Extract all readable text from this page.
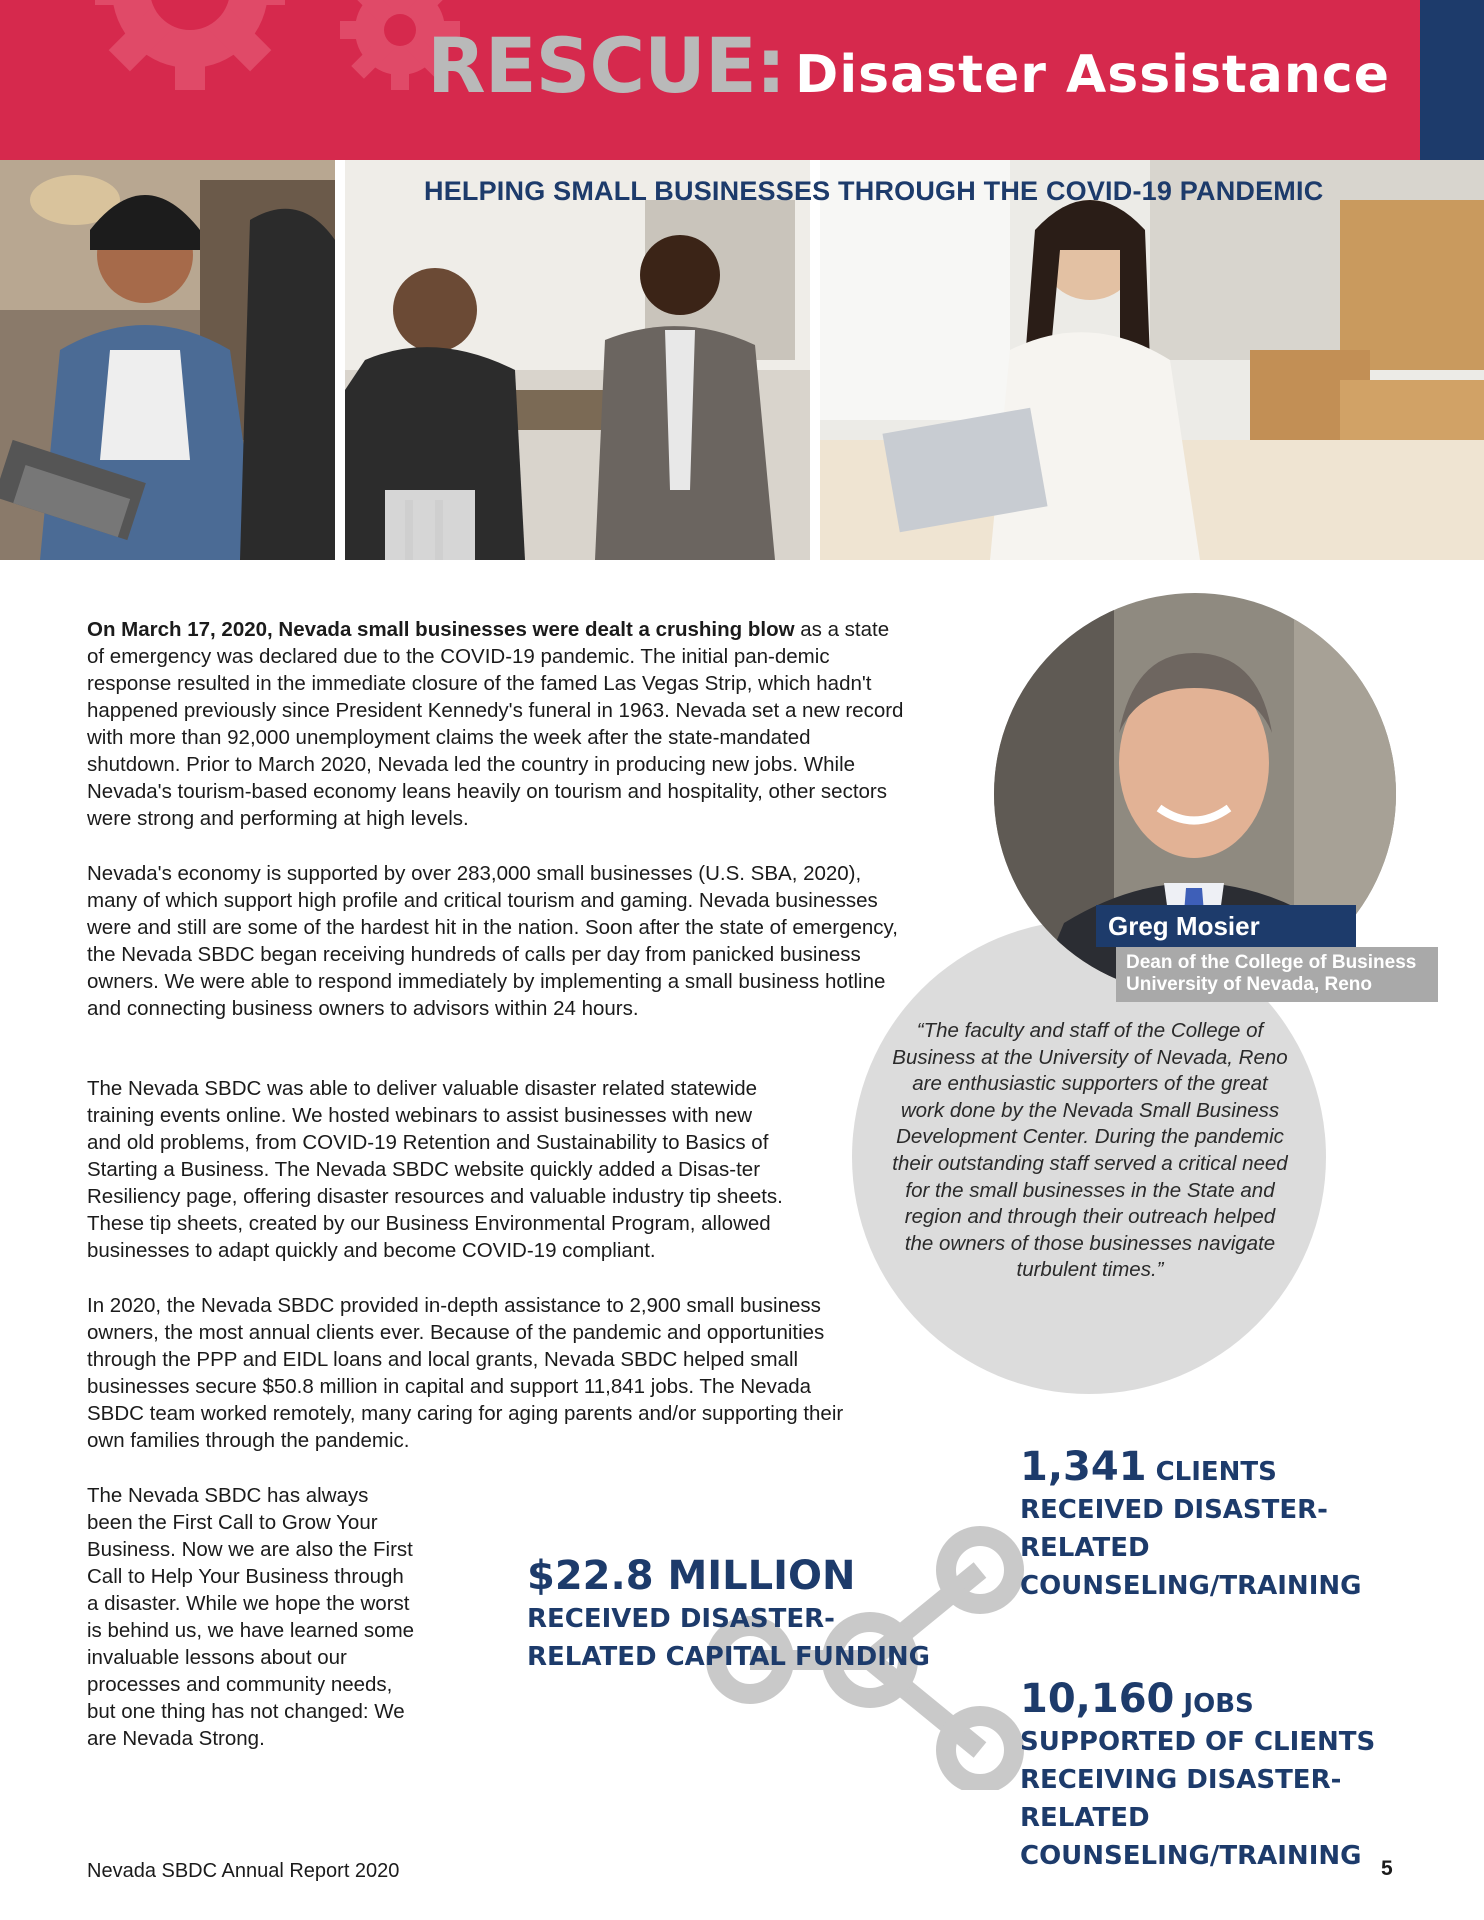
RESCUE: Disaster Assistance
HELPING SMALL BUSINESSES THROUGH THE COVID-19 PANDEMIC
On March 17, 2020, Nevada small businesses were dealt a crushing blow as a state of emergency was declared due to the COVID-19 pandemic. The initial pan-demic response resulted in the immediate closure of the famed Las Vegas Strip, which hadn't happened previously since President Kennedy's funeral in 1963. Nevada set a new record with more than 92,000 unemployment claims the week after the state-mandated shutdown. Prior to March 2020, Nevada led the country in producing new jobs. While Nevada's tourism-based economy leans heavily on tourism and hospitality, other sectors were strong and performing at high levels.
Nevada's economy is supported by over 283,000 small businesses (U.S. SBA, 2020), many of which support high profile and critical tourism and gaming. Nevada businesses were and still are some of the hardest hit in the nation. Soon after the state of emergency, the Nevada SBDC began receiving hundreds of calls per day from panicked business owners. We were able to respond immediately by implementing a small business hotline and connecting business owners to advisors within 24 hours.
The Nevada SBDC was able to deliver valuable disaster related statewide training events online. We hosted webinars to assist businesses with new and old problems, from COVID-19 Retention and Sustainability to Basics of Starting a Business. The Nevada SBDC website quickly added a Disas-ter Resiliency page, offering disaster resources and valuable industry tip sheets. These tip sheets, created by our Business Environmental Program, allowed businesses to adapt quickly and become COVID-19 compliant.
In 2020, the Nevada SBDC provided in-depth assistance to 2,900 small business owners, the most annual clients ever. Because of the pandemic and opportunities through the PPP and EIDL loans and local grants, Nevada SBDC helped small businesses secure $50.8 million in capital and support 11,841 jobs. The Nevada SBDC team worked remotely, many caring for aging parents and/or supporting their own families through the pandemic.
The Nevada SBDC has always been the First Call to Grow Your Business. Now we are also the First Call to Help Your Business through a disaster. While we hope the worst is behind us, we have learned some invaluable lessons about our processes and community needs, but one thing has not changed: We are Nevada Strong.
“The faculty and staff of the College of Business at the University of Nevada, Reno are enthusiastic supporters of the great work done by the Nevada Small Business Development Center. During the pandemic their outstanding staff served a critical need for the small businesses in the State and region and through their outreach helped the owners of those businesses navigate turbulent times.”
Greg Mosier
Dean of the College of Business
University of Nevada, Reno
$22.8 MILLION RECEIVED DISASTER-RELATED CAPITAL FUNDING
1,341 CLIENTS RECEIVED DISASTER-RELATED COUNSELING/TRAINING
10,160 JOBS SUPPORTED OF CLIENTS RECEIVING DISASTER-RELATED COUNSELING/TRAINING
Nevada SBDC Annual Report 2020	5
